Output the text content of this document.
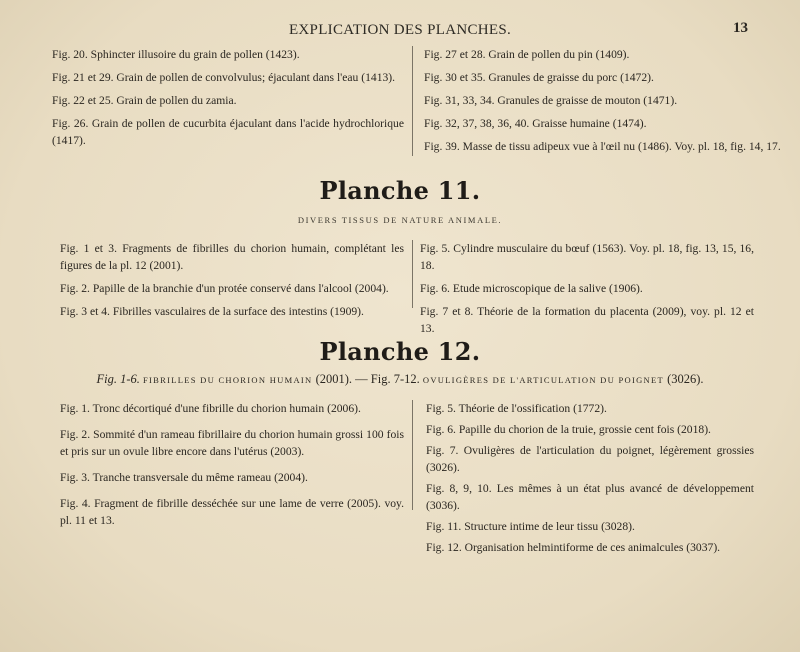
EXPLICATION DES PLANCHES.	13

Fig. 20. Sphincter illusoire du grain de pollen (1423).

Fig. 21 et 29. Grain de pollen de convolvulus; éjaculant dans l'eau (1413).

Fig. 22 et 25. Grain de pollen du zamia.

Fig. 26. Grain de pollen de cucurbita éjaculant dans l'acide hydrochlorique (1417).

Fig. 27 et 28. Grain de pollen du pin (1409).

Fig. 30 et 35. Granules de graisse du porc (1472).

Fig. 31, 33, 34. Granules de graisse de mouton (1471).

Fig. 32, 37, 38, 36, 40. Graisse humaine (1474).

Fig. 39. Masse de tissu adipeux vue à l'œil nu (1486). Voy. pl. 18, fig. 14, 17.

Planche 11.
DIVERS TISSUS DE NATURE ANIMALE.

Fig. 1 et 3. Fragments de fibrilles du chorion humain, complétant les figures de la pl. 12 (2001).

Fig. 2. Papille de la branchie d'un protée conservé dans l'alcool (2004).

Fig. 3 et 4. Fibrilles vasculaires de la surface des intestins (1909).

Fig. 5. Cylindre musculaire du bœuf (1563). Voy. pl. 18, fig. 13, 15, 16, 18.

Fig. 6. Etude microscopique de la salive (1906).

Fig. 7 et 8. Théorie de la formation du placenta (2009), voy. pl. 12 et 13.

Planche 12.
Fig. 1-6. FIBRILLES DU CHORION HUMAIN (2001). — Fig. 7-12. OVULIGÈRES DE L'ARTICULATION DU POIGNET (3026).

Fig. 1. Tronc décortiqué d'une fibrille du chorion humain (2006).

Fig. 2. Sommité d'un rameau fibrillaire du chorion humain grossi 100 fois et pris sur un ovule libre encore dans l'utérus (2003).

Fig. 3. Tranche transversale du même rameau (2004).

Fig. 4. Fragment de fibrille desséchée sur une lame de verre (2005). voy. pl. 11 et 13.

Fig. 5. Théorie de l'ossification (1772).

Fig. 6. Papille du chorion de la truie, grossie cent fois (2018).

Fig. 7. Ovuligères de l'articulation du poignet, légèrement grossies (3026).

Fig. 8, 9, 10. Les mêmes à un état plus avancé de développement (3036).

Fig. 11. Structure intime de leur tissu (3028).

Fig. 12. Organisation helmintiforme de ces animalcules (3037).
